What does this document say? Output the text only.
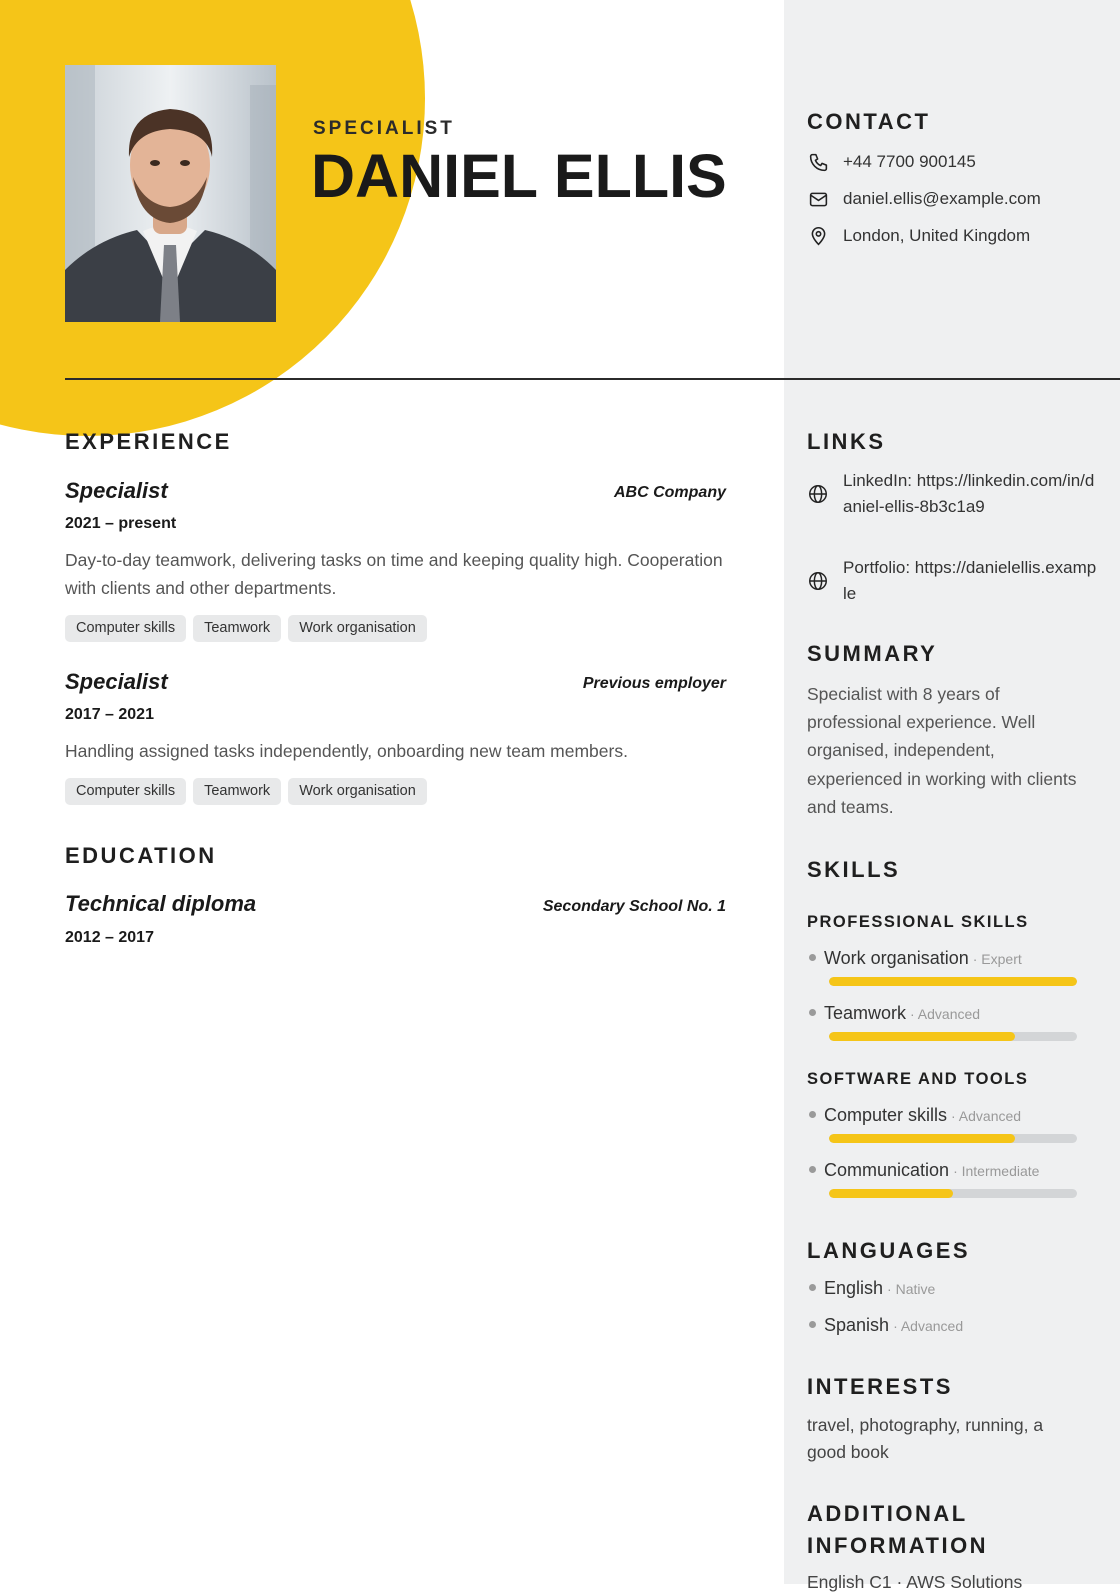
SPECIALIST
DANIEL ELLIS
EXPERIENCE
Specialist	ABC Company
2021 – present
Day-to-day teamwork, delivering tasks on time and keeping quality high. Cooperation with clients and other departments.
Computer skills	Teamwork	Work organisation
Specialist	Previous employer
2017 – 2021
Handling assigned tasks independently, onboarding new team members.
Computer skills	Teamwork	Work organisation
EDUCATION
Technical diploma	Secondary School No. 1
2012 – 2017
CONTACT
+44 7700 900145
daniel.ellis@example.com
London, United Kingdom
LINKS
LinkedIn: https://linkedin.com/in/daniel-ellis-8b3c1a9
Portfolio: https://danielellis.example
SUMMARY
Specialist with 8 years of professional experience. Well organised, independent, experienced in working with clients and teams.
SKILLS
PROFESSIONAL SKILLS
Work organisation · Expert
Teamwork · Advanced
SOFTWARE AND TOOLS
Computer skills · Advanced
Communication · Intermediate
LANGUAGES
English · Native
Spanish · Advanced
INTERESTS
travel, photography, running, a good book
ADDITIONAL INFORMATION
English C1 · AWS Solutions
